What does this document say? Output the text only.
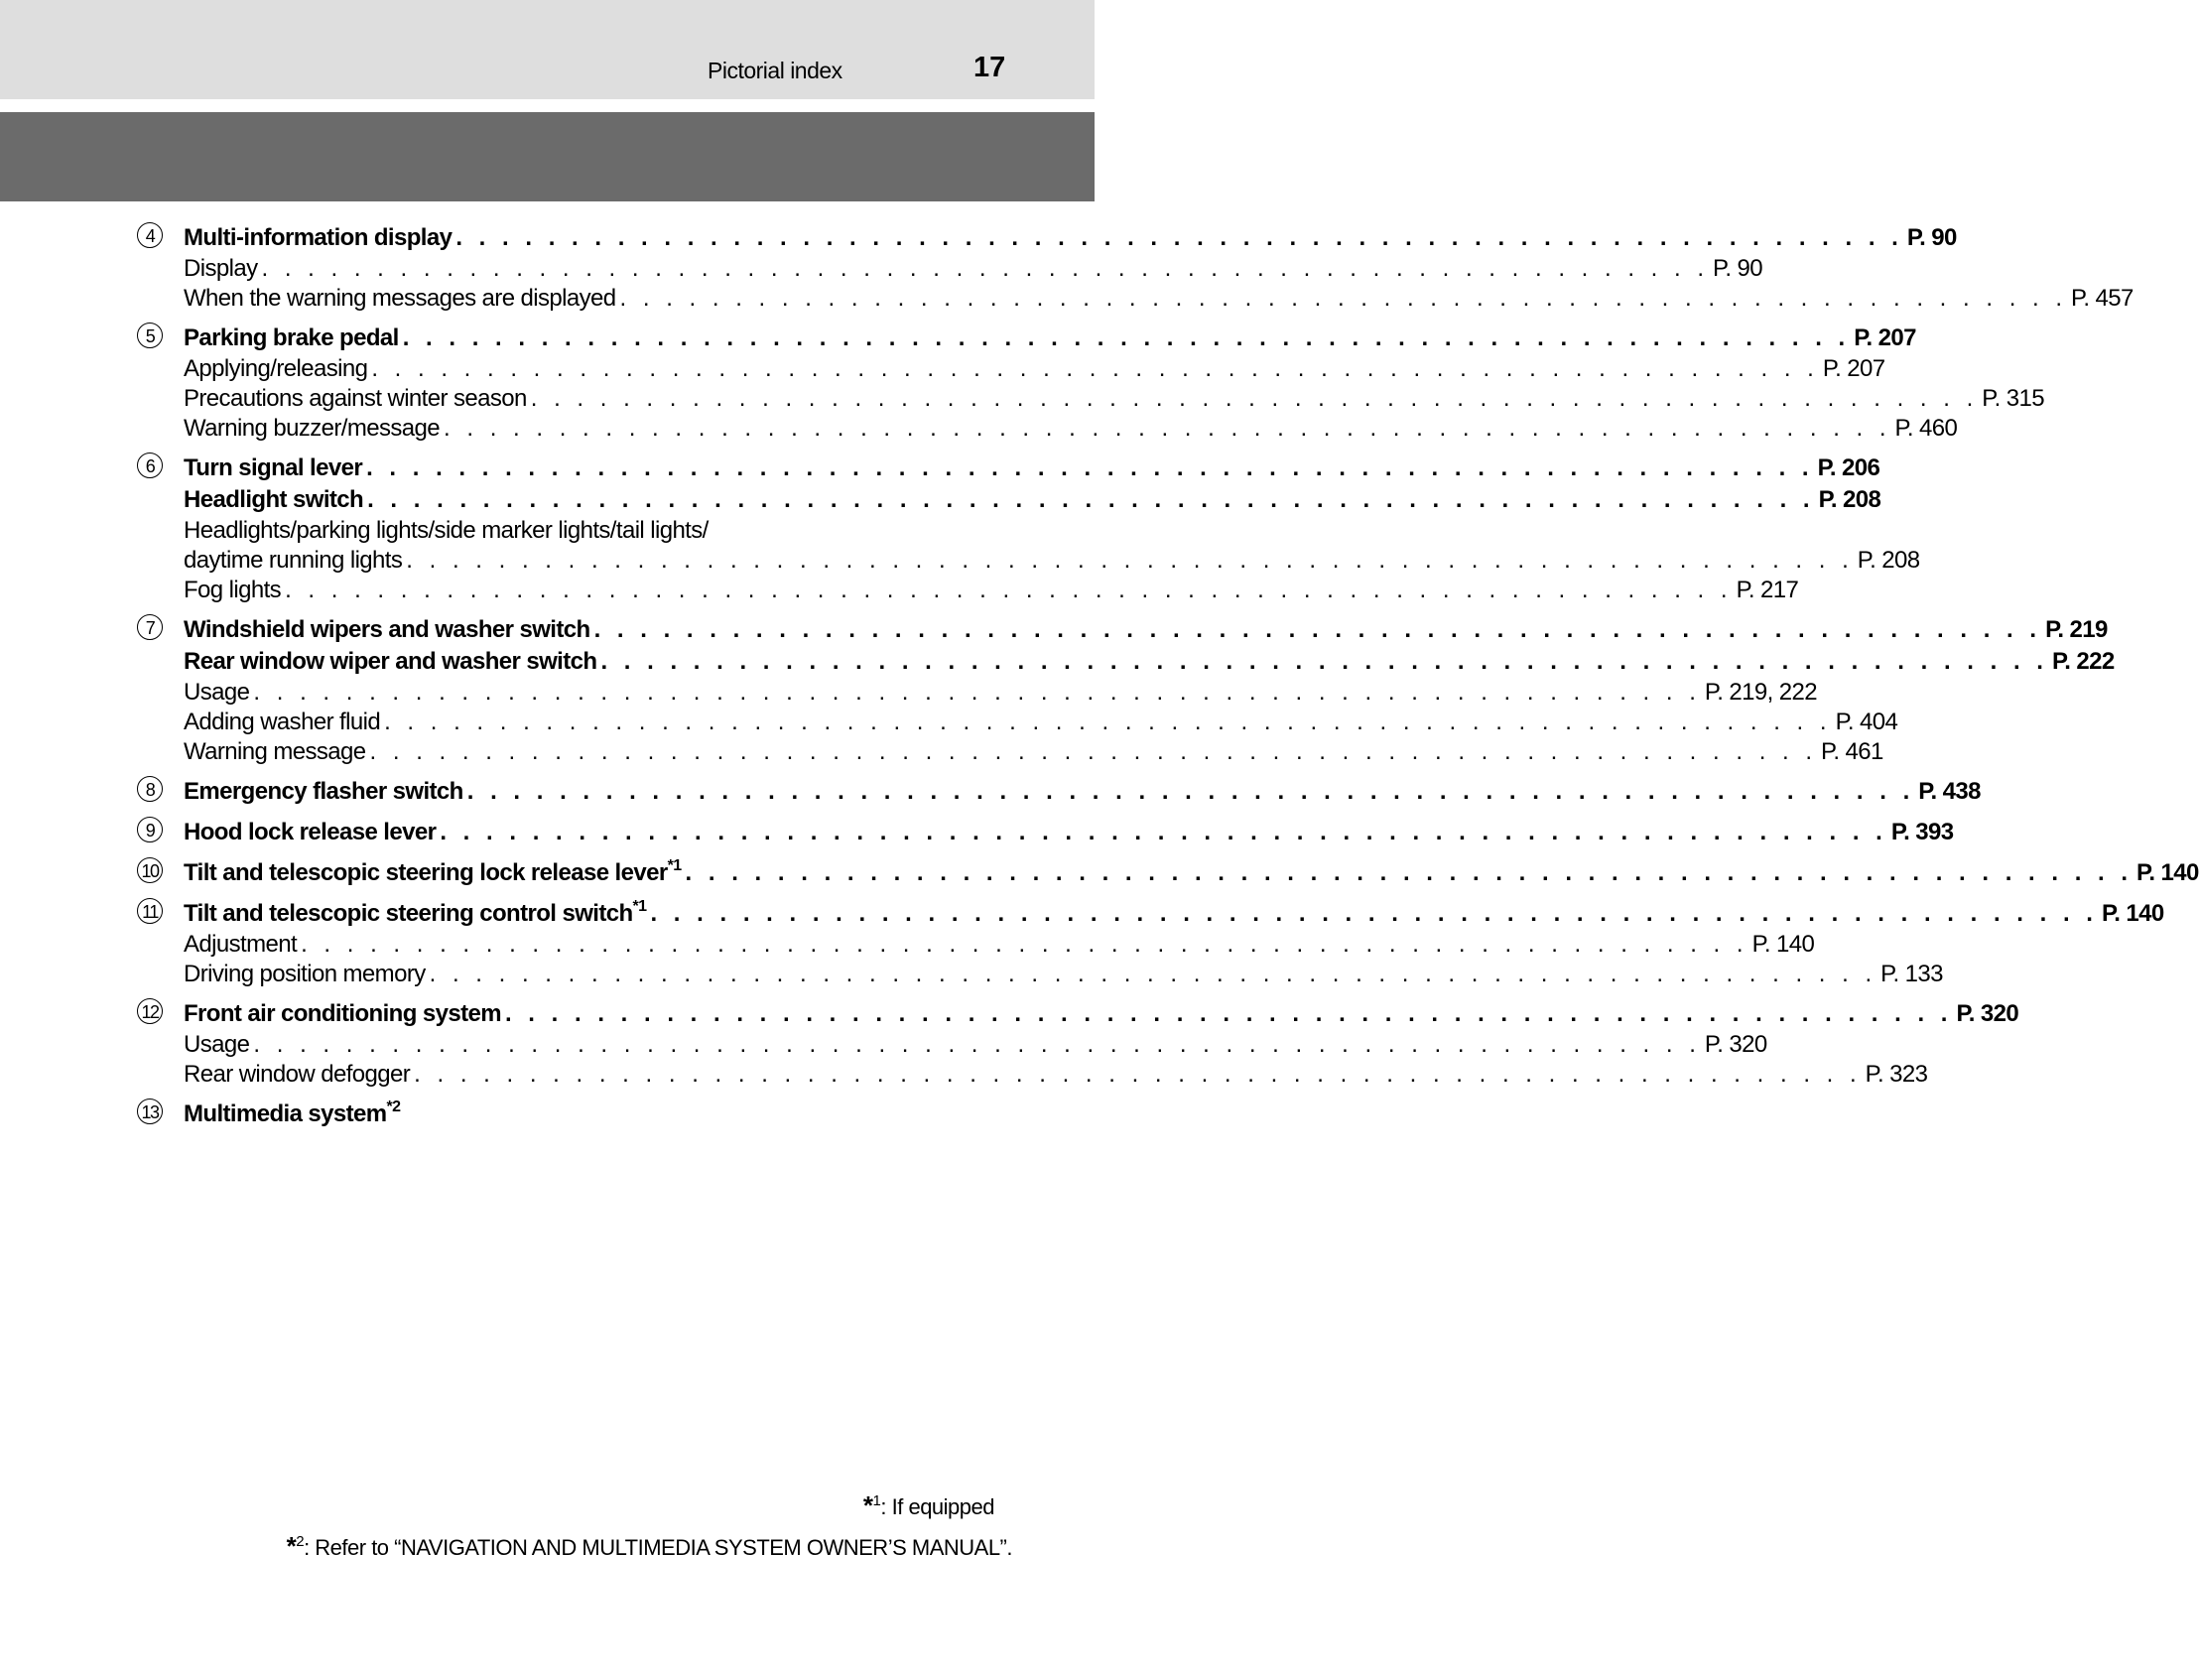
Pictorial index	17
4	Multi-information display . . . . . . . . . . . . . . . . . . . . . . . . . . . . . . . . . . . . . . . . . . . . . . . . . . . . . . . . . . . . . . . P. 90
Display . . . . . . . . . . . . . . . . . . . . . . . . . . . . . . . . . . . . . . . . . . . . . . . . . . . . . . . . . . . . . . . P. 90
When the warning messages are displayed . . . . . . . . . . . . . . . . . . . . . . . . . . . . . . . . . . . . . . . . . . . . . . . . . . . . . . . . . . . . . . . P. 457
5	Parking brake pedal . . . . . . . . . . . . . . . . . . . . . . . . . . . . . . . . . . . . . . . . . . . . . . . . . . . . . . . . . . . . . . . P. 207
Applying/releasing . . . . . . . . . . . . . . . . . . . . . . . . . . . . . . . . . . . . . . . . . . . . . . . . . . . . . . . . . . . . . . . P. 207
Precautions against winter season . . . . . . . . . . . . . . . . . . . . . . . . . . . . . . . . . . . . . . . . . . . . . . . . . . . . . . . . . . . . . . . P. 315
Warning buzzer/message . . . . . . . . . . . . . . . . . . . . . . . . . . . . . . . . . . . . . . . . . . . . . . . . . . . . . . . . . . . . . . . P. 460
6	Turn signal lever . . . . . . . . . . . . . . . . . . . . . . . . . . . . . . . . . . . . . . . . . . . . . . . . . . . . . . . . . . . . . . . P. 206
Headlight switch . . . . . . . . . . . . . . . . . . . . . . . . . . . . . . . . . . . . . . . . . . . . . . . . . . . . . . . . . . . . . . . P. 208
Headlights/parking lights/side marker lights/tail lights/
daytime running lights . . . . . . . . . . . . . . . . . . . . . . . . . . . . . . . . . . . . . . . . . . . . . . . . . . . . . . . . . . . . . . . P. 208
Fog lights . . . . . . . . . . . . . . . . . . . . . . . . . . . . . . . . . . . . . . . . . . . . . . . . . . . . . . . . . . . . . . . P. 217
7	Windshield wipers and washer switch . . . . . . . . . . . . . . . . . . . . . . . . . . . . . . . . . . . . . . . . . . . . . . . . . . . . . . . . . . . . . . . P. 219
Rear window wiper and washer switch . . . . . . . . . . . . . . . . . . . . . . . . . . . . . . . . . . . . . . . . . . . . . . . . . . . . . . . . . . . . . . . P. 222
Usage . . . . . . . . . . . . . . . . . . . . . . . . . . . . . . . . . . . . . . . . . . . . . . . . . . . . . . . . . . . . . . . P. 219, 222
Adding washer fluid . . . . . . . . . . . . . . . . . . . . . . . . . . . . . . . . . . . . . . . . . . . . . . . . . . . . . . . . . . . . . . . P. 404
Warning message . . . . . . . . . . . . . . . . . . . . . . . . . . . . . . . . . . . . . . . . . . . . . . . . . . . . . . . . . . . . . . . P. 461
8	Emergency flasher switch . . . . . . . . . . . . . . . . . . . . . . . . . . . . . . . . . . . . . . . . . . . . . . . . . . . . . . . . . . . . . . . P. 438
9	Hood lock release lever . . . . . . . . . . . . . . . . . . . . . . . . . . . . . . . . . . . . . . . . . . . . . . . . . . . . . . . . . . . . . . . P. 393
10 Tilt and telescopic steering lock release lever$^{*1}$ . . . . . . . . . . . . . . . . . . . . . . . . . . . . . . . . . . . . . . . . . . . . . . . . . . . . . . . . . . . . . . . P. 140
11 Tilt and telescopic steering control switch$^{*1}$ . . . . . . . . . . . . . . . . . . . . . . . . . . . . . . . . . . . . . . . . . . . . . . . . . . . . . . . . . . . . . . . P. 140
Adjustment . . . . . . . . . . . . . . . . . . . . . . . . . . . . . . . . . . . . . . . . . . . . . . . . . . . . . . . . . . . . . . . P. 140
Driving position memory . . . . . . . . . . . . . . . . . . . . . . . . . . . . . . . . . . . . . . . . . . . . . . . . . . . . . . . . . . . . . . . P. 133
12 Front air conditioning system . . . . . . . . . . . . . . . . . . . . . . . . . . . . . . . . . . . . . . . . . . . . . . . . . . . . . . . . . . . . . . . P. 320
Usage . . . . . . . . . . . . . . . . . . . . . . . . . . . . . . . . . . . . . . . . . . . . . . . . . . . . . . . . . . . . . . . P. 320
Rear window defogger . . . . . . . . . . . . . . . . . . . . . . . . . . . . . . . . . . . . . . . . . . . . . . . . . . . . . . . . . . . . . . . P. 323
13 Multimedia system$^{*2}$
*$^1$: If equipped
*$^2$: Refer to “NAVIGATION AND MULTIMEDIA SYSTEM OWNER’S MANUAL”.
